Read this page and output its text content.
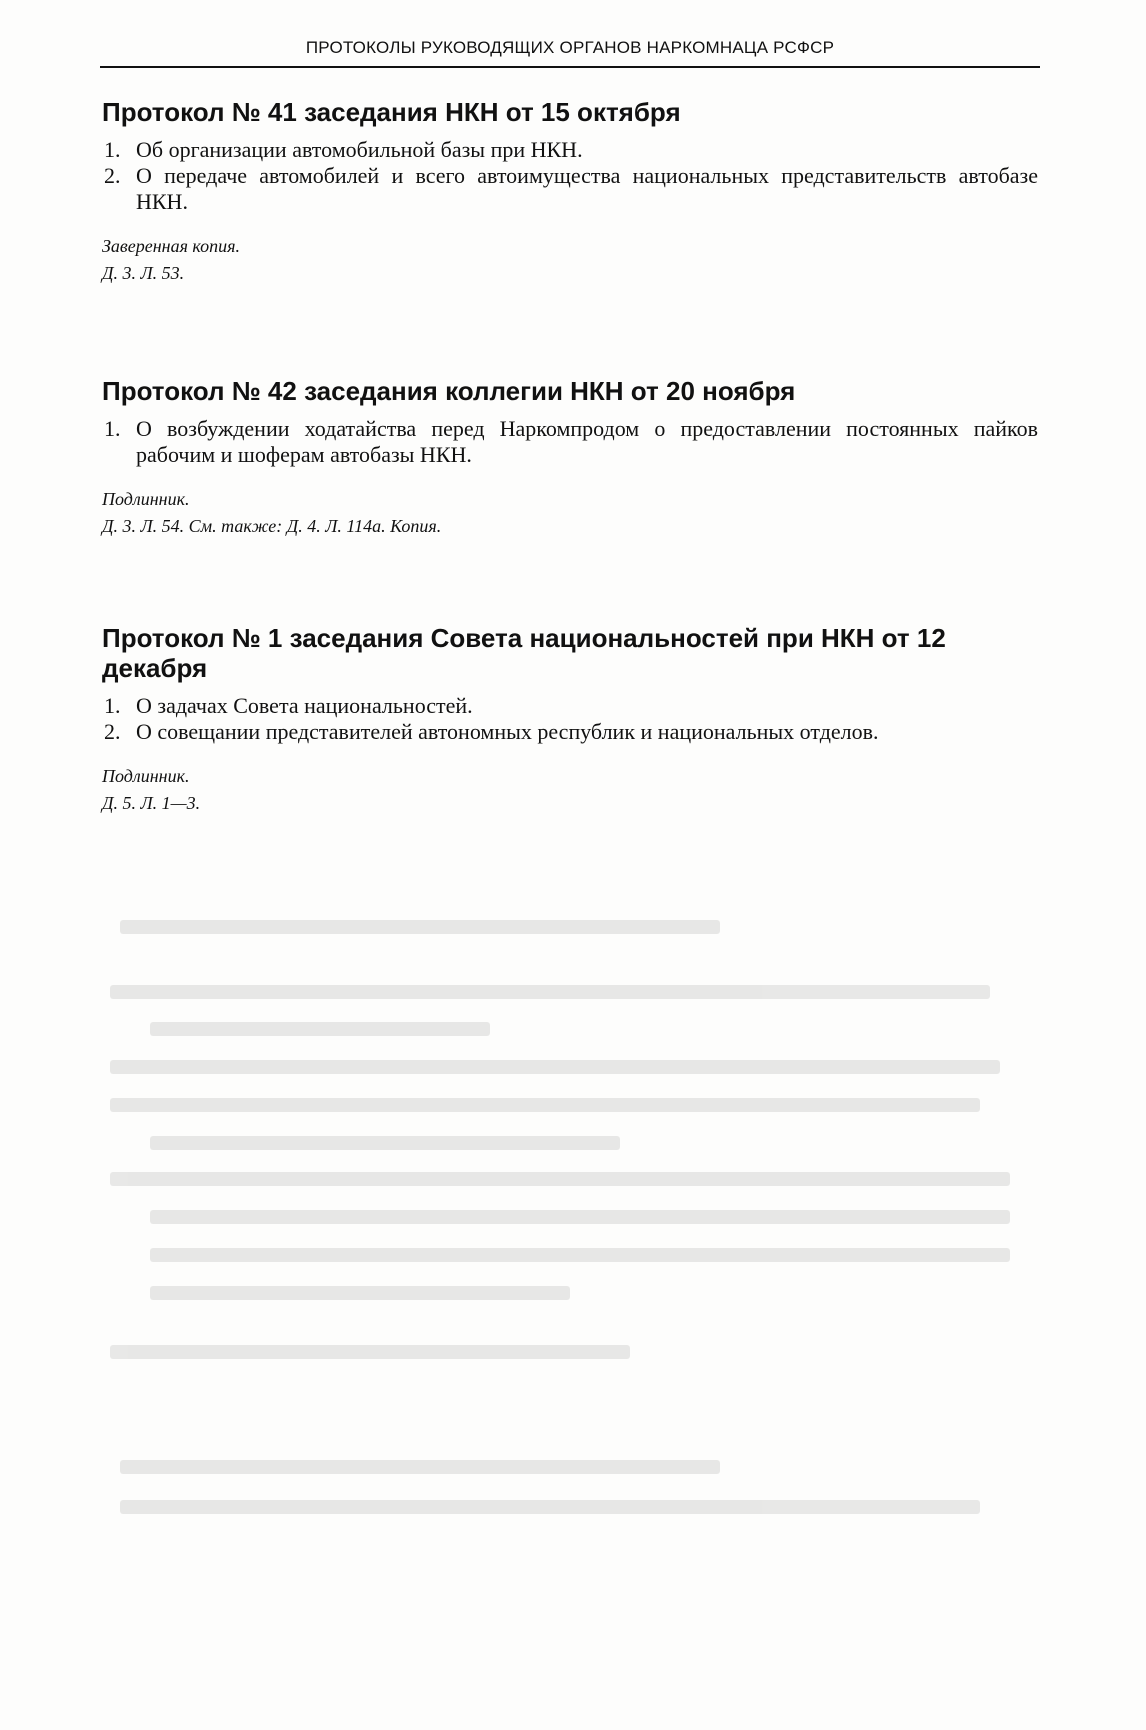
ПРОТОКОЛЫ РУКОВОДЯЩИХ ОРГАНОВ НАРКОМНАЦА РСФСР
Протокол № 41 заседания НКН от 15 октября
1. Об организации автомобильной базы при НКН.
2. О передаче автомобилей и всего автоимущества национальных представительств автобазе НКН.
Заверенная копия.
Д. 3. Л. 53.
Протокол № 42 заседания коллегии НКН от 20 ноября
1. О возбуждении ходатайства перед Наркомпродом о предоставлении постоянных пайков рабочим и шоферам автобазы НКН.
Подлинник.
Д. 3. Л. 54. См. также: Д. 4. Л. 114а. Копия.
Протокол № 1 заседания Совета национальностей при НКН от 12 декабря
1. О задачах Совета национальностей.
2. О совещании представителей автономных республик и национальных отделов.
Подлинник.
Д. 5. Л. 1—3.
